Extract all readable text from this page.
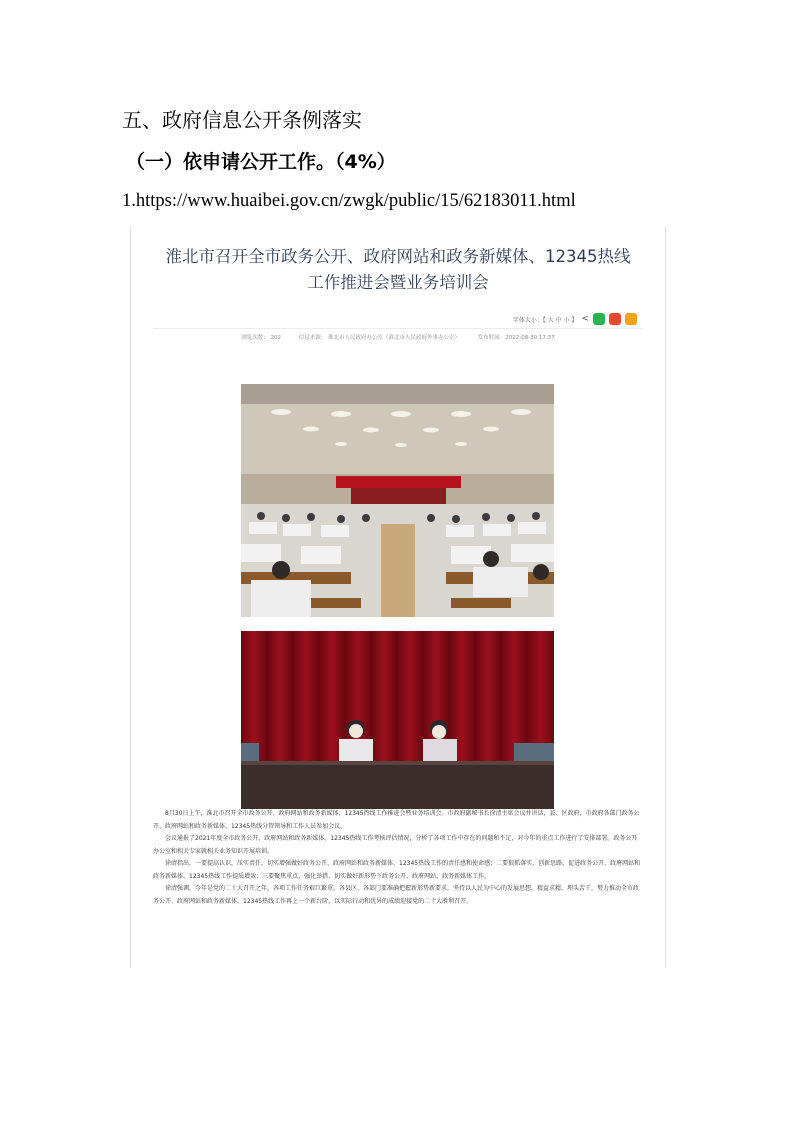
五、政府信息公开条例落实
（一）依申请公开工作。（4%）
1.https://www.huaibei.gov.cn/zwgk/public/15/62183011.html
淮北市召开全市政务公开、政府网站和政务新媒体、12345热线
工作推进会暨业务培训会
字体大小：【 大 中 小 】 <
浏览次数： 202	信息来源： 淮北市人民政府办公室（淮北市人民政府外事办公室）	发布时间：2022-08-30 17:37

8月30日上午，淮北市召开全市政务公开、政府网站和政务新媒体、12345热线工作推进会暨业务培训会。市政府副秘书长徐清主席会议并讲话，县、区政府，市政府各部门政务公开、政府网站和政务新媒体、12345热线分管领导和工作人员参加会议。

会议通报了2021年度全市政务公开、政府网站和政务新媒体、12345热线工作考核评估情况，分析了各项工作中存在的问题和不足，对今年的重点工作进行了安排部署。政务公开办公室和相关专家就相关业务知识开展培训。

徐清指出，一要提高认识，压实责任，切实增强做好政务公开、政府网站和政务新媒体、12345热线工作的责任感和使命感；二要狠抓落实，创新思路，促进政务公开、政府网站和政务新媒体、12345热线工作提质增效；三要聚焦重点，强化举措，切实做好新形势下政务公开、政府网站、政务新媒体工作。

徐清强调，今年是党的二十大召开之年，各项工作任务艰巨繁重。各县区、各部门要准确把握新形势新要求，坚持以人民为中心的发展思想，精益求精，埋头苦干，努力推动全市政务公开、政府网站和政务新媒体、12345热线工作再上一个新台阶，以实际行动和优异的成绩迎接党的二十大胜利召开。
